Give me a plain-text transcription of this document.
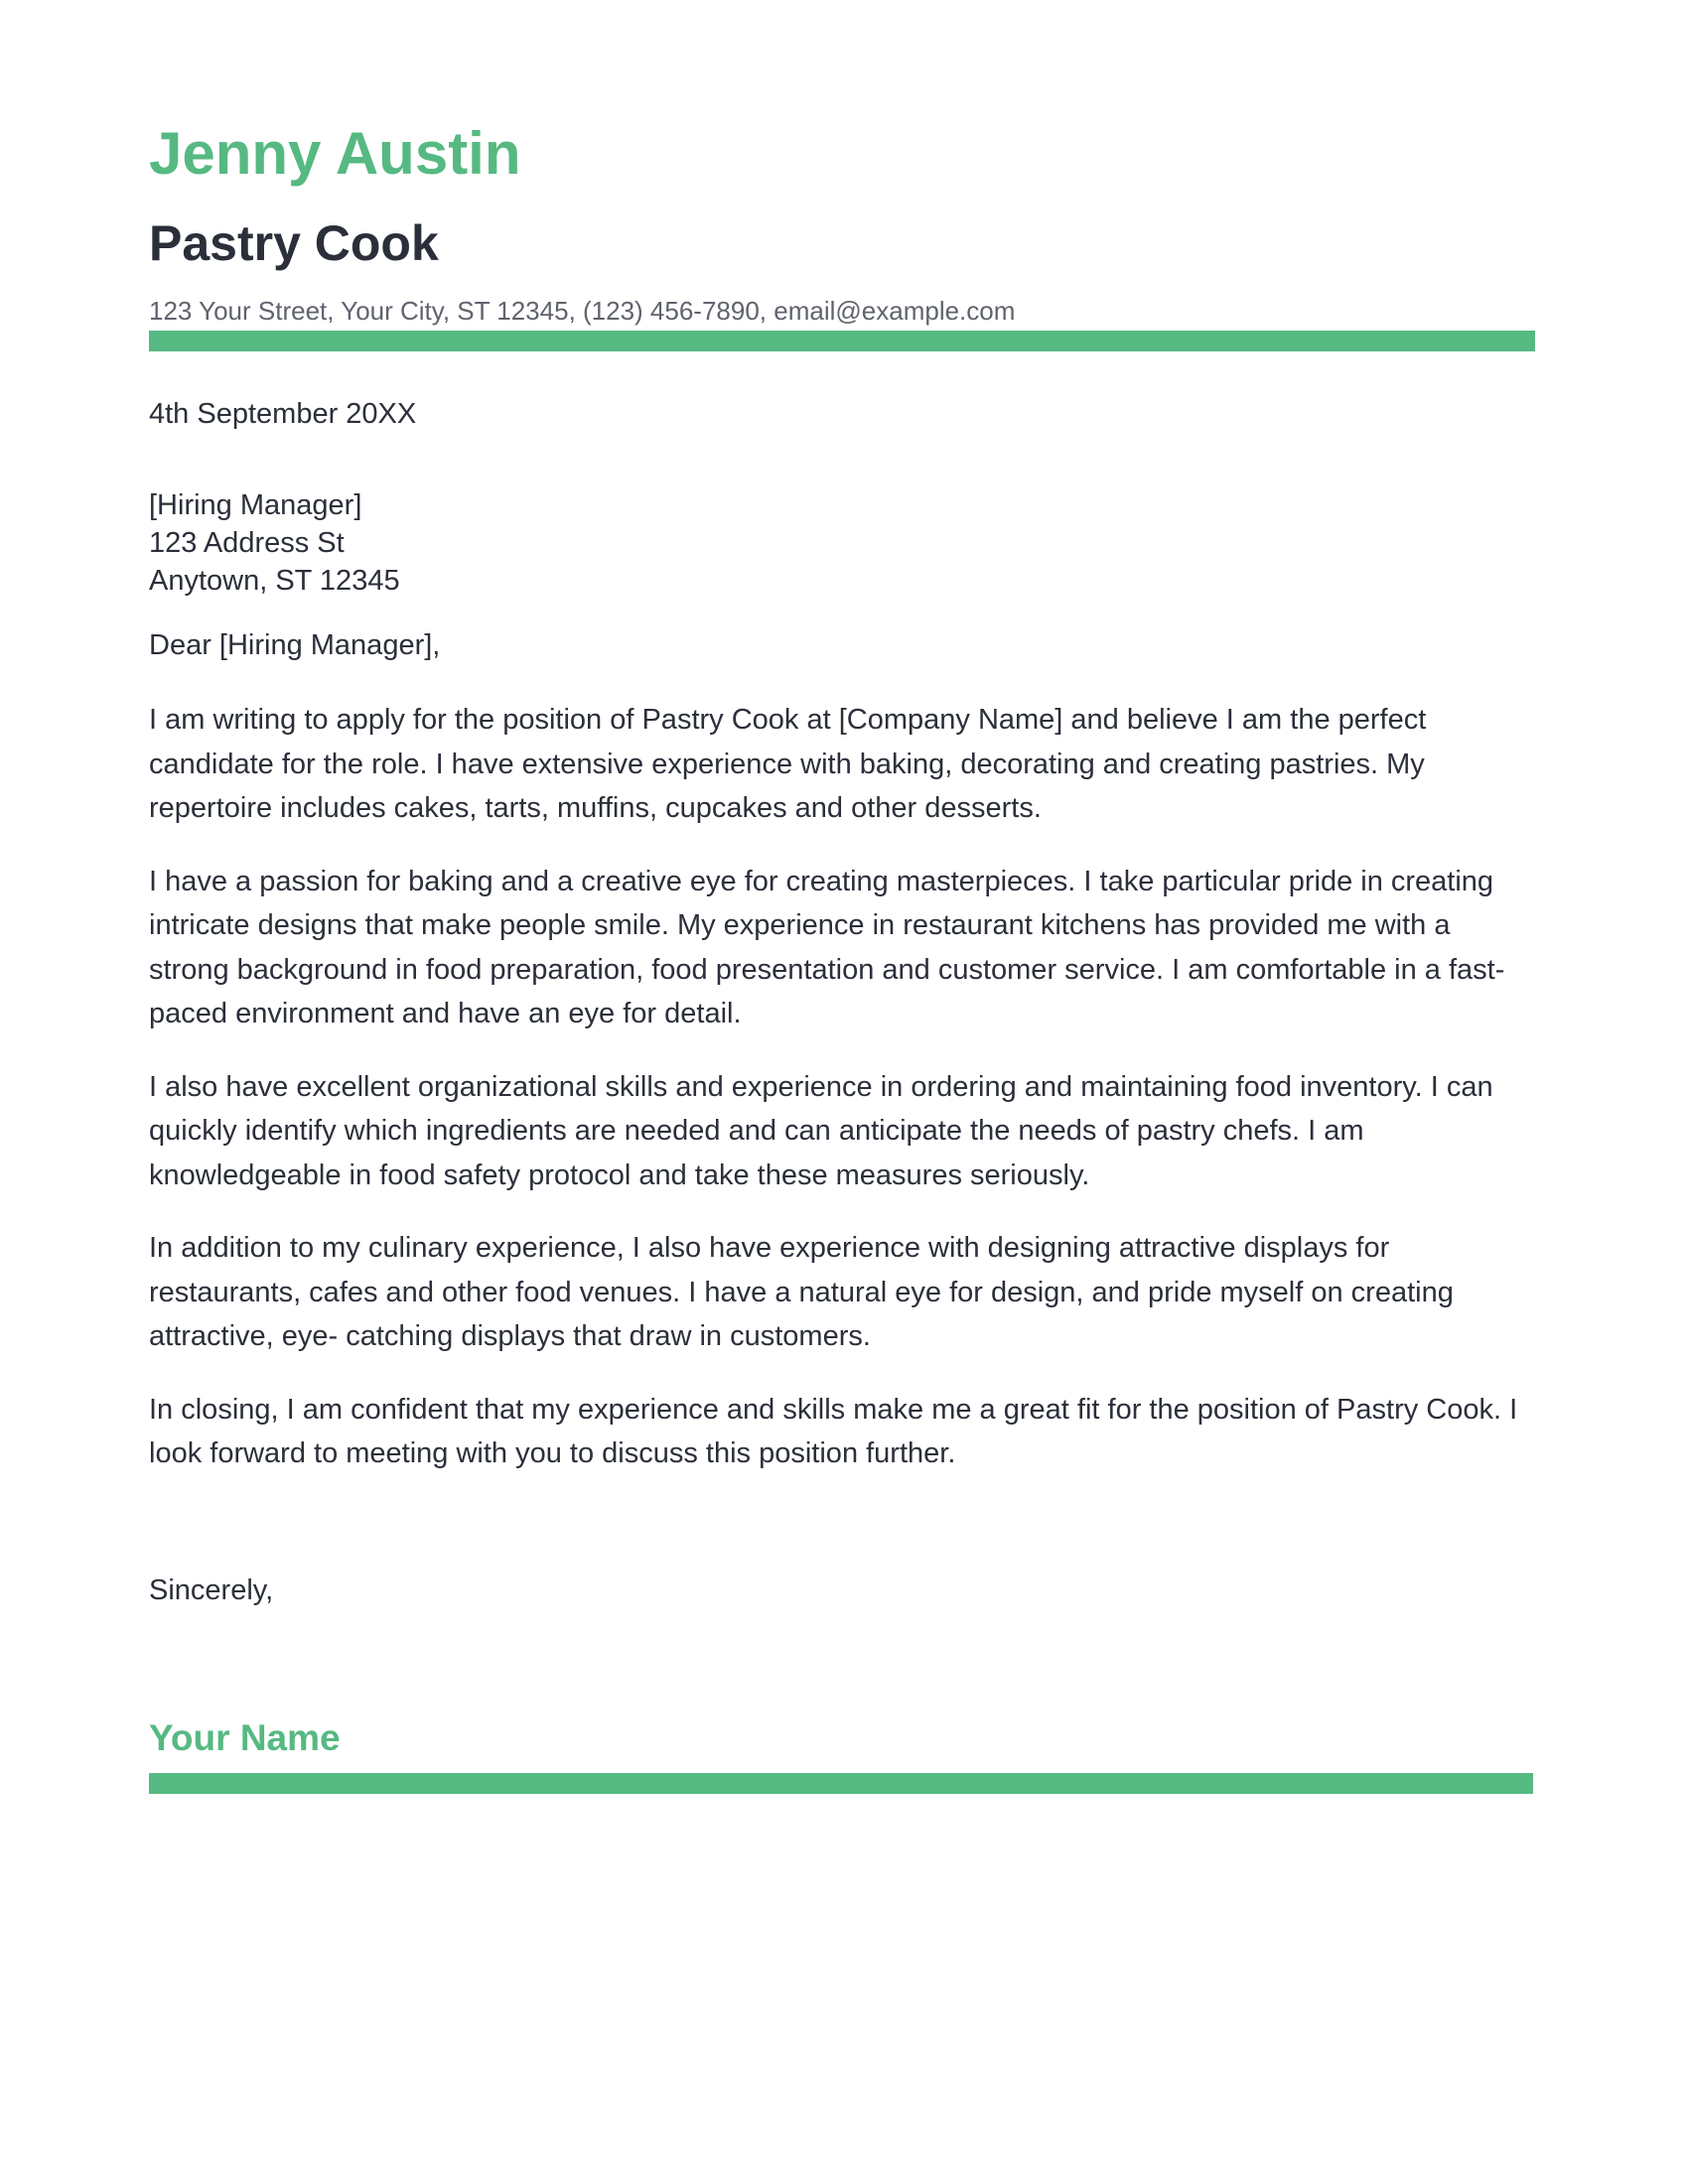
Jenny Austin
Pastry Cook
123 Your Street, Your City, ST 12345, (123) 456-7890, email@example.com
4th September 20XX
[Hiring Manager]
123 Address St
Anytown, ST 12345
Dear [Hiring Manager],

I am writing to apply for the position of Pastry Cook at [Company Name] and believe I am the perfect candidate for the role. I have extensive experience with baking, decorating and creating pastries. My repertoire includes cakes, tarts, muffins, cupcakes and other desserts.

I have a passion for baking and a creative eye for creating masterpieces. I take particular pride in creating intricate designs that make people smile. My experience in restaurant kitchens has provided me with a strong background in food preparation, food presentation and customer service. I am comfortable in a fast- paced environment and have an eye for detail.

I also have excellent organizational skills and experience in ordering and maintaining food inventory. I can quickly identify which ingredients are needed and can anticipate the needs of pastry chefs. I am knowledgeable in food safety protocol and take these measures seriously.

In addition to my culinary experience, I also have experience with designing attractive displays for restaurants, cafes and other food venues. I have a natural eye for design, and pride myself on creating attractive, eye- catching displays that draw in customers.

In closing, I am confident that my experience and skills make me a great fit for the position of Pastry Cook. I look forward to meeting with you to discuss this position further.

Sincerely,
Your Name
